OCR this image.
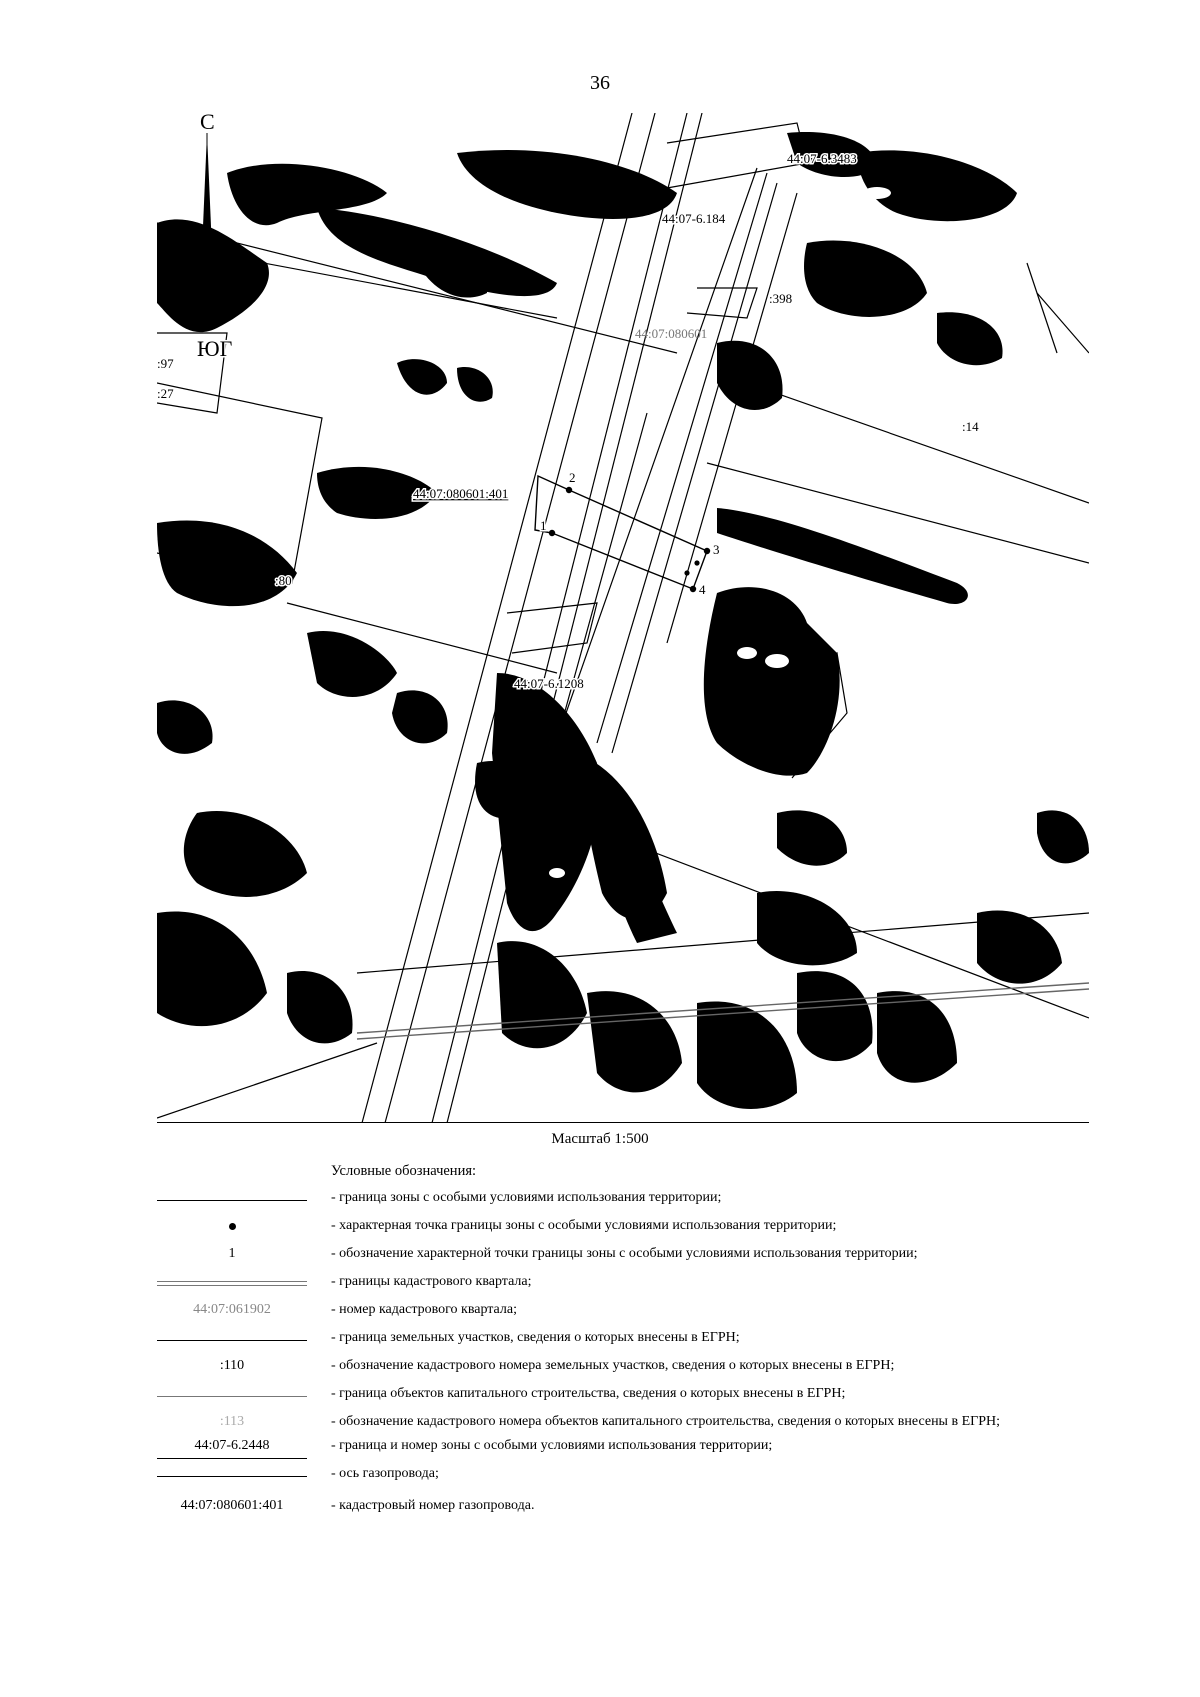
36
С
ЮГ
44:07-6.3483
44:07-6.184
44:07:080601
44:07:080601:401
44:07-6.1208
:398
:14
:80
:27
:97
2
1
3
4
Масштаб 1:500
Условные обозначения:
- граница зоны с особыми условиями использования территории;
- характерная точка границы зоны с особыми условиями использования территории;
1	- обозначение характерной точки границы зоны с особыми условиями использования территории;
- границы кадастрового квартала;
44:07:061902	- номер кадастрового квартала;
- граница земельных участков, сведения о которых внесены в ЕГРН;
:110	- обозначение кадастрового номера земельных участков, сведения о которых внесены в ЕГРН;
- граница объектов капитального строительства, сведения о которых внесены в ЕГРН;
:113	- обозначение кадастрового номера объектов капитального строительства, сведения о которых внесены в ЕГРН;
44:07-6.2448	- граница и номер зоны с особыми условиями использования территории;
- ось газопровода;
44:07:080601:401	- кадастровый номер газопровода.
